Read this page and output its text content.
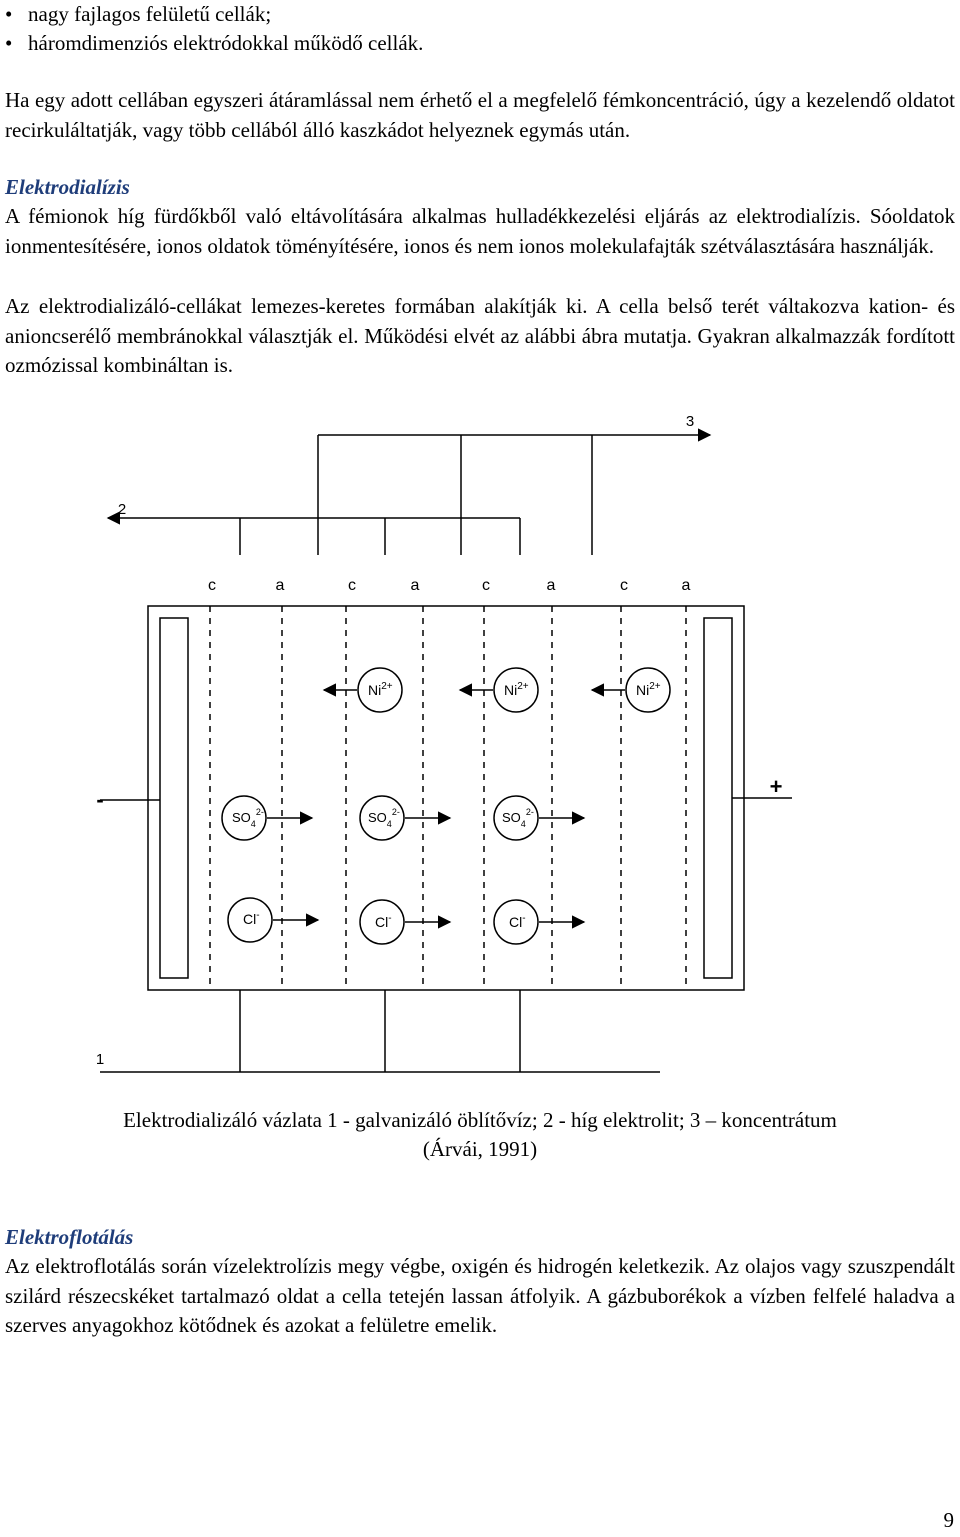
• nagy fajlagos felületű cellák;
• háromdimenziós elektródokkal működő cellák.

Ha egy adott cellában egyszeri átáramlással nem érhető el a megfelelő fémkoncentráció, úgy a kezelendő oldatot recirkuláltatják, vagy több cellából álló kaszkádot helyeznek egymás után.

Elektrodialízis

A fémionok híg fürdőkből való eltávolítására alkalmas hulladékkezelési eljárás az elektrodialízis. Sóoldatok ionmentesítésére, ionos oldatok töményítésére, ionos és nem ionos molekulafajták szétválasztására használják.

Az elektrodializáló-cellákat lemezes-keretes formában alakítják ki. A cella belső terét váltakozva kation- és anioncserélő membránokkal választják el. Működési elvét az alábbi ábra mutatja. Gyakran alkalmazzák fordított ozmózissal kombináltan is.

3
2
1
c	a	c	a	c	a	c	a
-
+
$Ni^{2+}$	$Ni^{2+}$	$Ni^{2+}$
$SO_4^{2-}$	$SO_4^{2-}$	$SO_4^{2-}$
Cl-	Cl-	Cl-

Elektrodializáló vázlata 1 - galvanizáló öblítővíz; 2 - híg elektrolit; 3 – koncentrátum

(Árvái, 1991)

Elektroflotálás

Az elektroflotálás során vízelektrolízis megy végbe, oxigén és hidrogén keletkezik. Az olajos vagy szuszpendált szilárd részecskéket tartalmazó oldat a cella tetején lassan átfolyik. A gázbuborékok a vízben felfelé haladva a szerves anyagokhoz kötődnek és azokat a felületre emelik.

9
